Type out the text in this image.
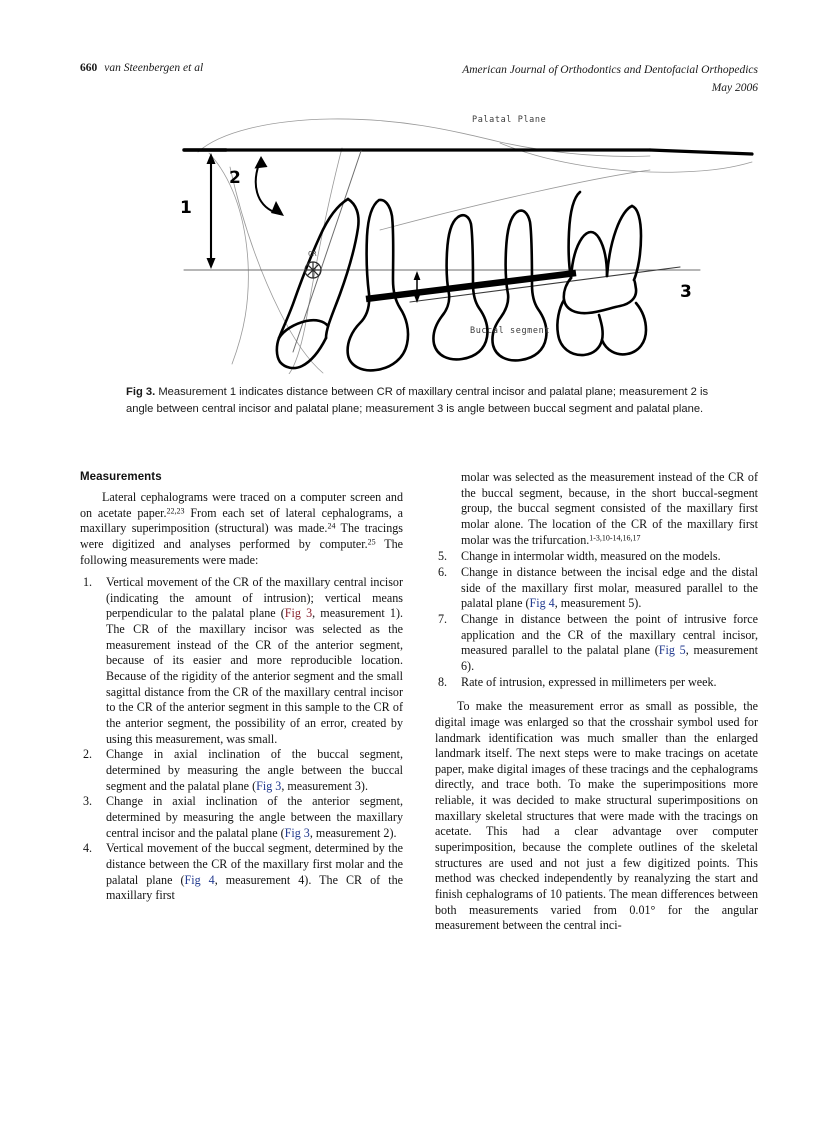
660 van Steenbergen et al	American Journal of Orthodontics and Dentofacial Orthopedics
May 2006
Palatal Plane
Buccal segment
CR
1
2
3
Fig 3. Measurement 1 indicates distance between CR of maxillary central incisor and palatal plane; measurement 2 is angle between central incisor and palatal plane; measurement 3 is angle between buccal segment and palatal plane.
Measurements

Lateral cephalograms were traced on a computer screen and on acetate paper.$^{22,23}$ From each set of lateral cephalograms, a maxillary superimposition (structural) was made.$^{24}$ The tracings were digitized and analyses performed by computer.$^{25}$ The following measurements were made:

1.	Vertical movement of the CR of the maxillary central incisor (indicating the amount of intrusion); vertical means perpendicular to the palatal plane (Fig 3, measurement 1). The CR of the maxillary incisor was selected as the measurement instead of the CR of the anterior segment, because of its easier and more reproducible location. Because of the rigidity of the anterior segment and the small sagittal distance from the CR of the maxillary central incisor to the CR of the anterior segment in this sample to the CR of the anterior segment, the possibility of an error, created by using this measurement, was small.
2.	Change in axial inclination of the buccal segment, determined by measuring the angle between the buccal segment and the palatal plane (Fig 3, measurement 3).
3.	Change in axial inclination of the anterior segment, determined by measuring the angle between the maxillary central incisor and the palatal plane (Fig 3, measurement 2).
4.	Vertical movement of the buccal segment, determined by the distance between the CR of the maxillary first molar and the palatal plane (Fig 4, measurement 4). The CR of the maxillary first

molar was selected as the measurement instead of the CR of the buccal segment, because, in the short buccal-segment group, the buccal segment consisted of the maxillary first molar alone. The location of the CR of the maxillary first molar was the trifurcation.$^{1-3,10-14,16,17}$

5.	Change in intermolar width, measured on the models.
6.	Change in distance between the incisal edge and the distal side of the maxillary first molar, measured parallel to the palatal plane (Fig 4, measurement 5).
7.	Change in distance between the point of intrusive force application and the CR of the maxillary central incisor, measured parallel to the palatal plane (Fig 5, measurement 6).
8.	Rate of intrusion, expressed in millimeters per week.

To make the measurement error as small as possible, the digital image was enlarged so that the crosshair symbol used for landmark identification was much smaller than the enlarged landmark itself. The next steps were to make tracings on acetate paper, make digital images of these tracings and the cephalograms directly, and trace both. To make the superimpositions more reliable, it was decided to make structural superimpositions on maxillary skeletal structures that were made with the tracings on acetate. This had a clear advantage over computer superimposition, because the complete outlines of the skeletal structures are used and not just a few digitized points. This method was checked independently by reanalyzing the start and finish cephalograms of 10 patients. The mean differences between both measurements varied from 0.01° for the angular measurement between the central inci-
